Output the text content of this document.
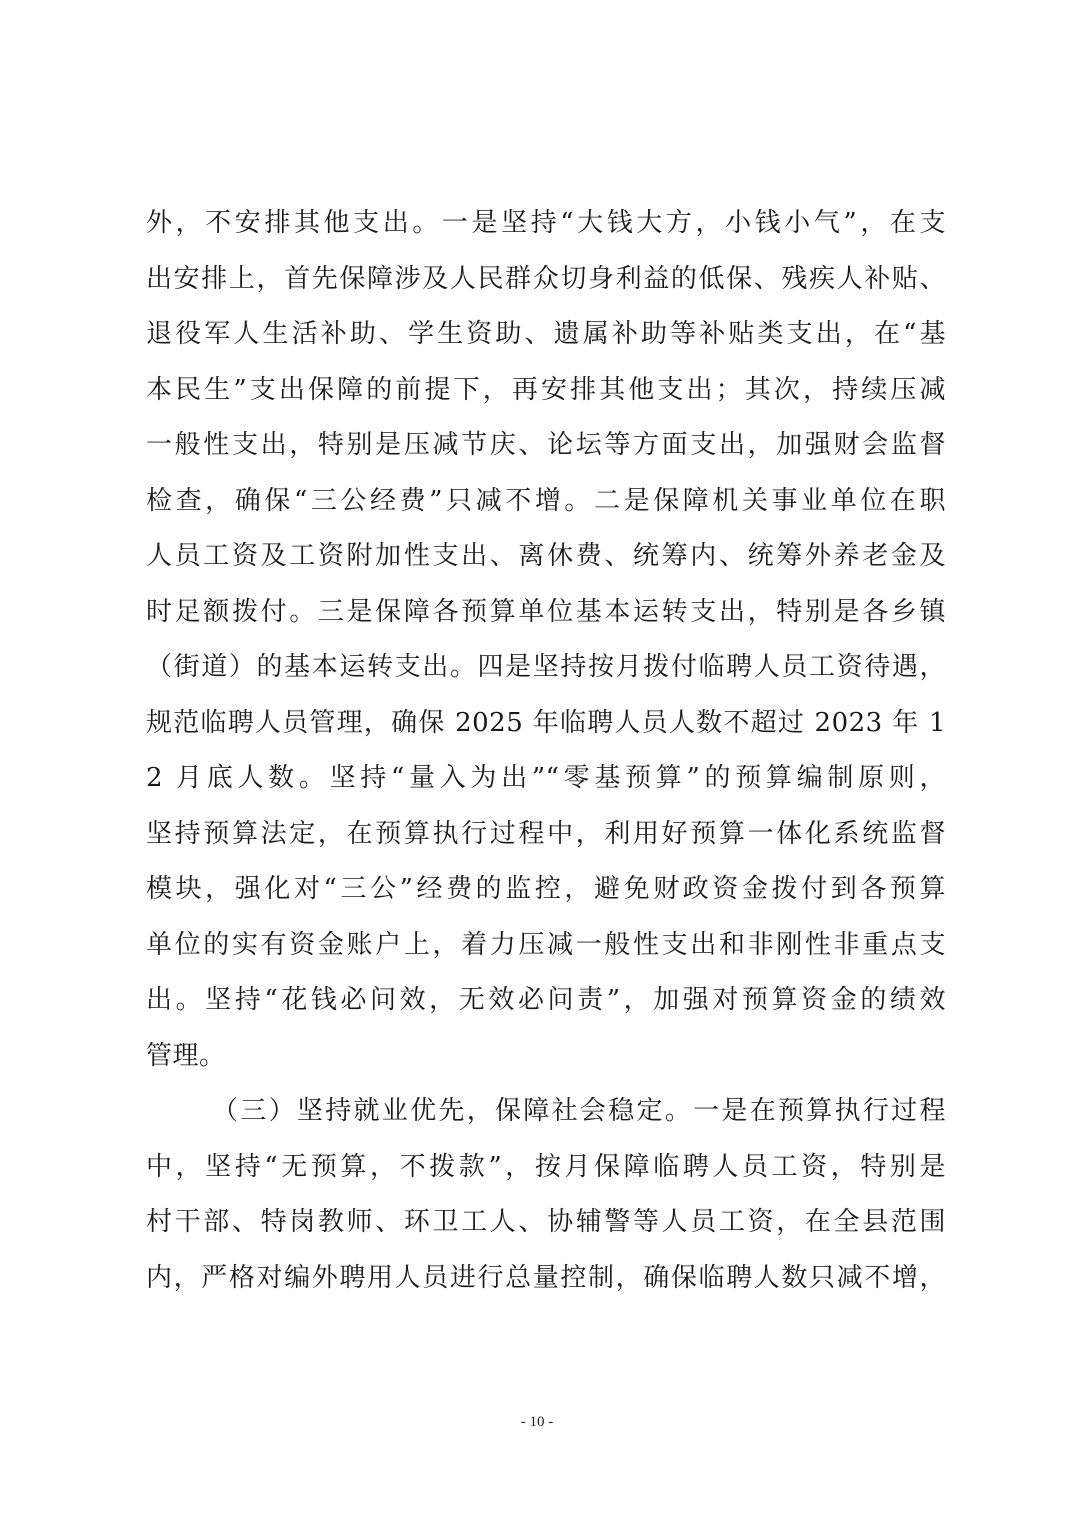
外，不安排其他支出。一是坚持“大钱大方，小钱小气”，在支
出安排上，首先保障涉及人民群众切身利益的低保、残疾人补贴、
退役军人生活补助、学生资助、遗属补助等补贴类支出，在“基
本民生”支出保障的前提下，再安排其他支出；其次，持续压减
一般性支出，特别是压减节庆、论坛等方面支出，加强财会监督
检查，确保“三公经费”只减不增。二是保障机关事业单位在职
人员工资及工资附加性支出、离休费、统筹内、统筹外养老金及
时足额拨付。三是保障各预算单位基本运转支出，特别是各乡镇
（街道）的基本运转支出。四是坚持按月拨付临聘人员工资待遇，
规范临聘人员管理，确保 2025 年临聘人员人数不超过 2023 年 1
2 月底人数。坚持“量入为出”“零基预算”的预算编制原则，
坚持预算法定，在预算执行过程中，利用好预算一体化系统监督
模块，强化对“三公”经费的监控，避免财政资金拨付到各预算
单位的实有资金账户上，着力压减一般性支出和非刚性非重点支
出。坚持“花钱必问效，无效必问责”，加强对预算资金的绩效
管理。
（三）坚持就业优先，保障社会稳定。一是在预算执行过程
中，坚持“无预算，不拨款”，按月保障临聘人员工资，特别是
村干部、特岗教师、环卫工人、协辅警等人员工资，在全县范围
内，严格对编外聘用人员进行总量控制，确保临聘人数只减不增，
- 10 -
